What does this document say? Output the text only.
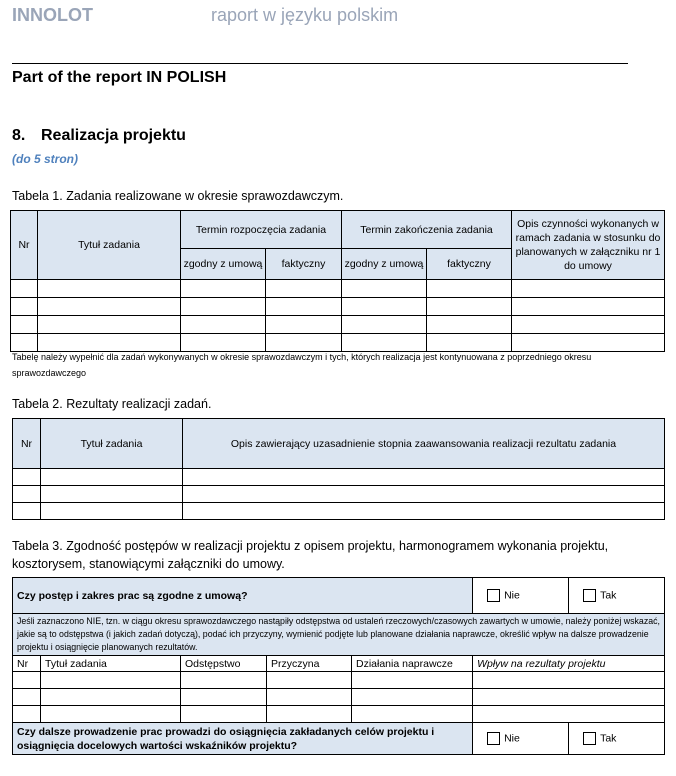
INNOLOT	raport w języku polskim
Part of the report IN POLISH
8. Realizacja projektu
(do 5 stron)
Tabela 1. Zadania realizowane w okresie sprawozdawczym.
Nr	Tytuł zadania	Termin rozpoczęcia zadania		Termin zakończenia zadania		Opis czynności wykonanych w ramach zadania w stosunku do planowanych w załączniku nr 1 do umowy
		zgodny z umową	faktyczny	zgodny z umową	faktyczny	

Tabelę należy wypełnić dla zadań wykonywanych w okresie sprawozdawczym i tych, których realizacja jest kontynuowana z poprzedniego okresu sprawozdawczego
Tabela 2. Rezultaty realizacji zadań.
Nr	Tytuł zadania	Opis zawierający uzasadnienie stopnia zaawansowania realizacji rezultatu zadania

Tabela 3. Zgodność postępów w realizacji projektu z opisem projektu, harmonogramem wykonania projektu, kosztorysem, stanowiącymi załączniki do umowy.
Czy postęp i zakres prac są zgodne z umową?					Nie	Tak
Jeśli zaznaczono NIE, tzn. w ciągu okresu sprawozdawczego nastąpiły odstępstwa od ustaleń rzeczowych/czasowych zawartych w umowie, należy poniżej wskazać, jakie są to odstępstwa (i jakich zadań dotyczą), podać ich przyczyny, wymienić podjęte lub planowane działania naprawcze, określić wpływ na dalsze prowadzenie projektu i osiągnięcie planowanych rezultatów.						
Nr	Tytuł zadania	Odstępstwo	Przyczyna	Działania naprawcze	Wpływ na rezultaty projektu	

Czy dalsze prowadzenie prac prowadzi do osiągnięcia zakładanych celów projektu i osiągnięcia docelowych wartości wskaźników projektu?					Nie	Tak
